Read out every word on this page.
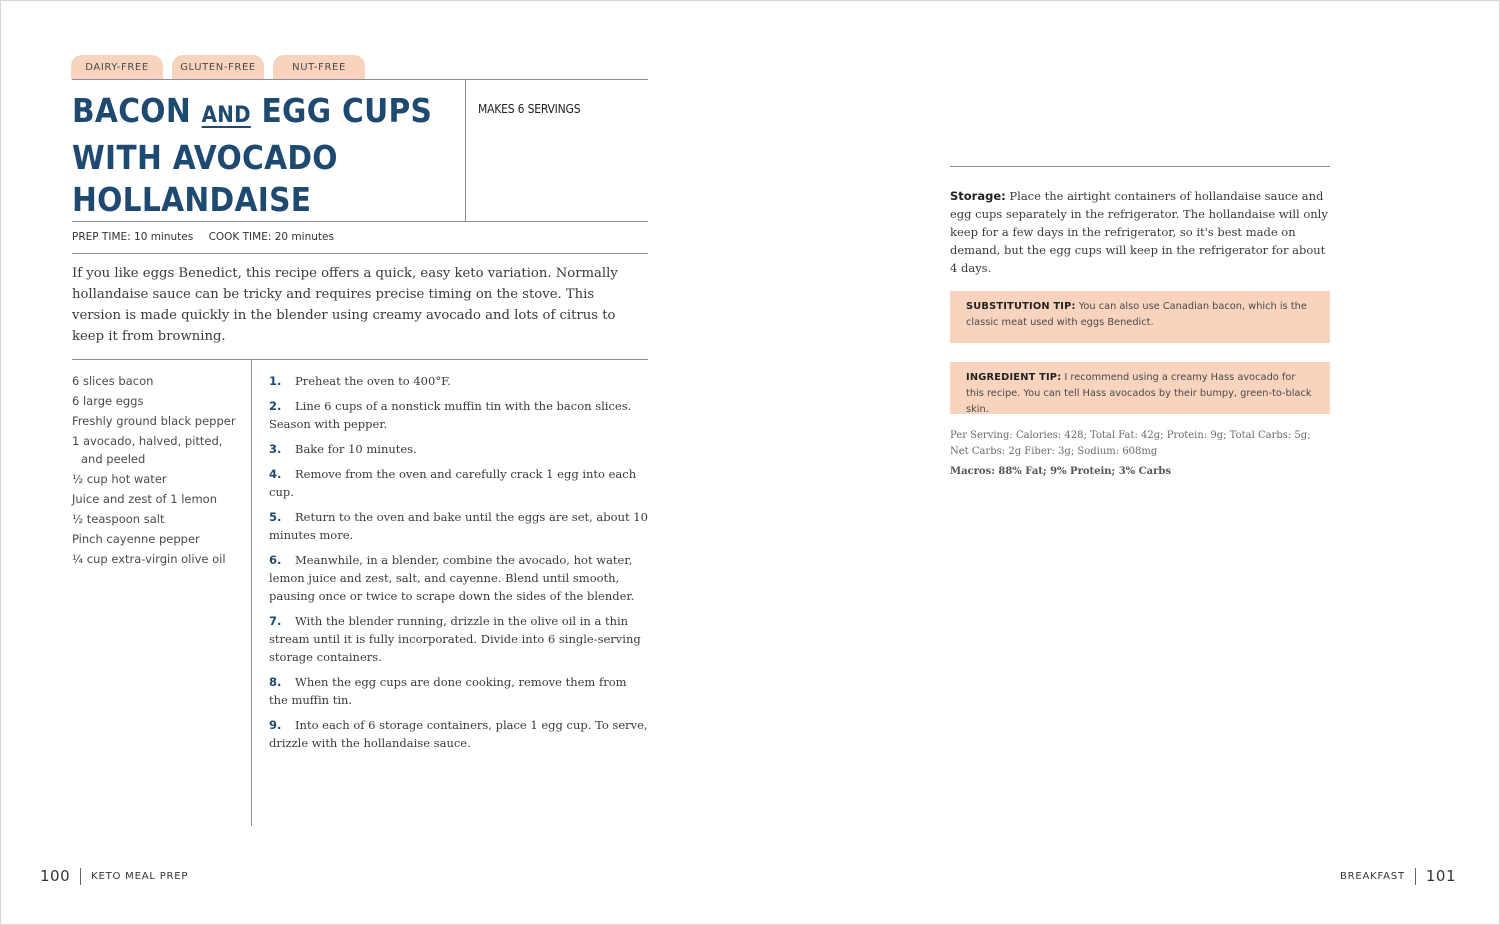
DAIRY-FREE	GLUTEN-FREE	NUT-FREE
BACON AND EGG CUPS
WITH AVOCADO
HOLLANDAISE
MAKES 6 SERVINGS
PREP TIME: 10 minutes COOK TIME: 20 minutes

If you like eggs Benedict, this recipe offers a quick, easy keto variation. Normally hollandaise sauce can be tricky and requires precise timing on the stove. This version is made quickly in the blender using creamy avocado and lots of citrus to keep it from browning.

6 slices bacon
6 large eggs
Freshly ground black pepper
1 avocado, halved, pitted,
and peeled
½ cup hot water
Juice and zest of 1 lemon
½ teaspoon salt
Pinch cayenne pepper
¼ cup extra-virgin olive oil
1. Preheat the oven to 400°F.
2. Line 6 cups of a nonstick muffin tin with the bacon slices. Season with pepper.
3. Bake for 10 minutes.
4. Remove from the oven and carefully crack 1 egg into each cup.
5. Return to the oven and bake until the eggs are set, about 10 minutes more.
6. Meanwhile, in a blender, combine the avocado, hot water, lemon juice and zest, salt, and cayenne. Blend until smooth, pausing once or twice to scrape down the sides of the blender.
7. With the blender running, drizzle in the olive oil in a thin stream until it is fully incorporated. Divide into 6 single-serving storage containers.
8. When the egg cups are done cooking, remove them from the muffin tin.
9. Into each of 6 storage containers, place 1 egg cup. To serve, drizzle with the hollandaise sauce.
100 KETO MEAL PREP

Storage: Place the airtight containers of hollandaise sauce and egg cups separately in the refrigerator. The hollandaise will only keep for a few days in the refrigerator, so it's best made on demand, but the egg cups will keep in the refrigerator for about 4 days.

SUBSTITUTION TIP: You can also use Canadian bacon, which is the classic meat used with eggs Benedict.
INGREDIENT TIP: I recommend using a creamy Hass avocado for this recipe. You can tell Hass avocados by their bumpy, green-to-black skin.

Per Serving: Calories: 428; Total Fat: 42g; Protein: 9g; Total Carbs: 5g; Net Carbs: 2g Fiber: 3g; Sodium: 608mg

Macros: 88% Fat; 9% Protein; 3% Carbs

BREAKFAST 101
